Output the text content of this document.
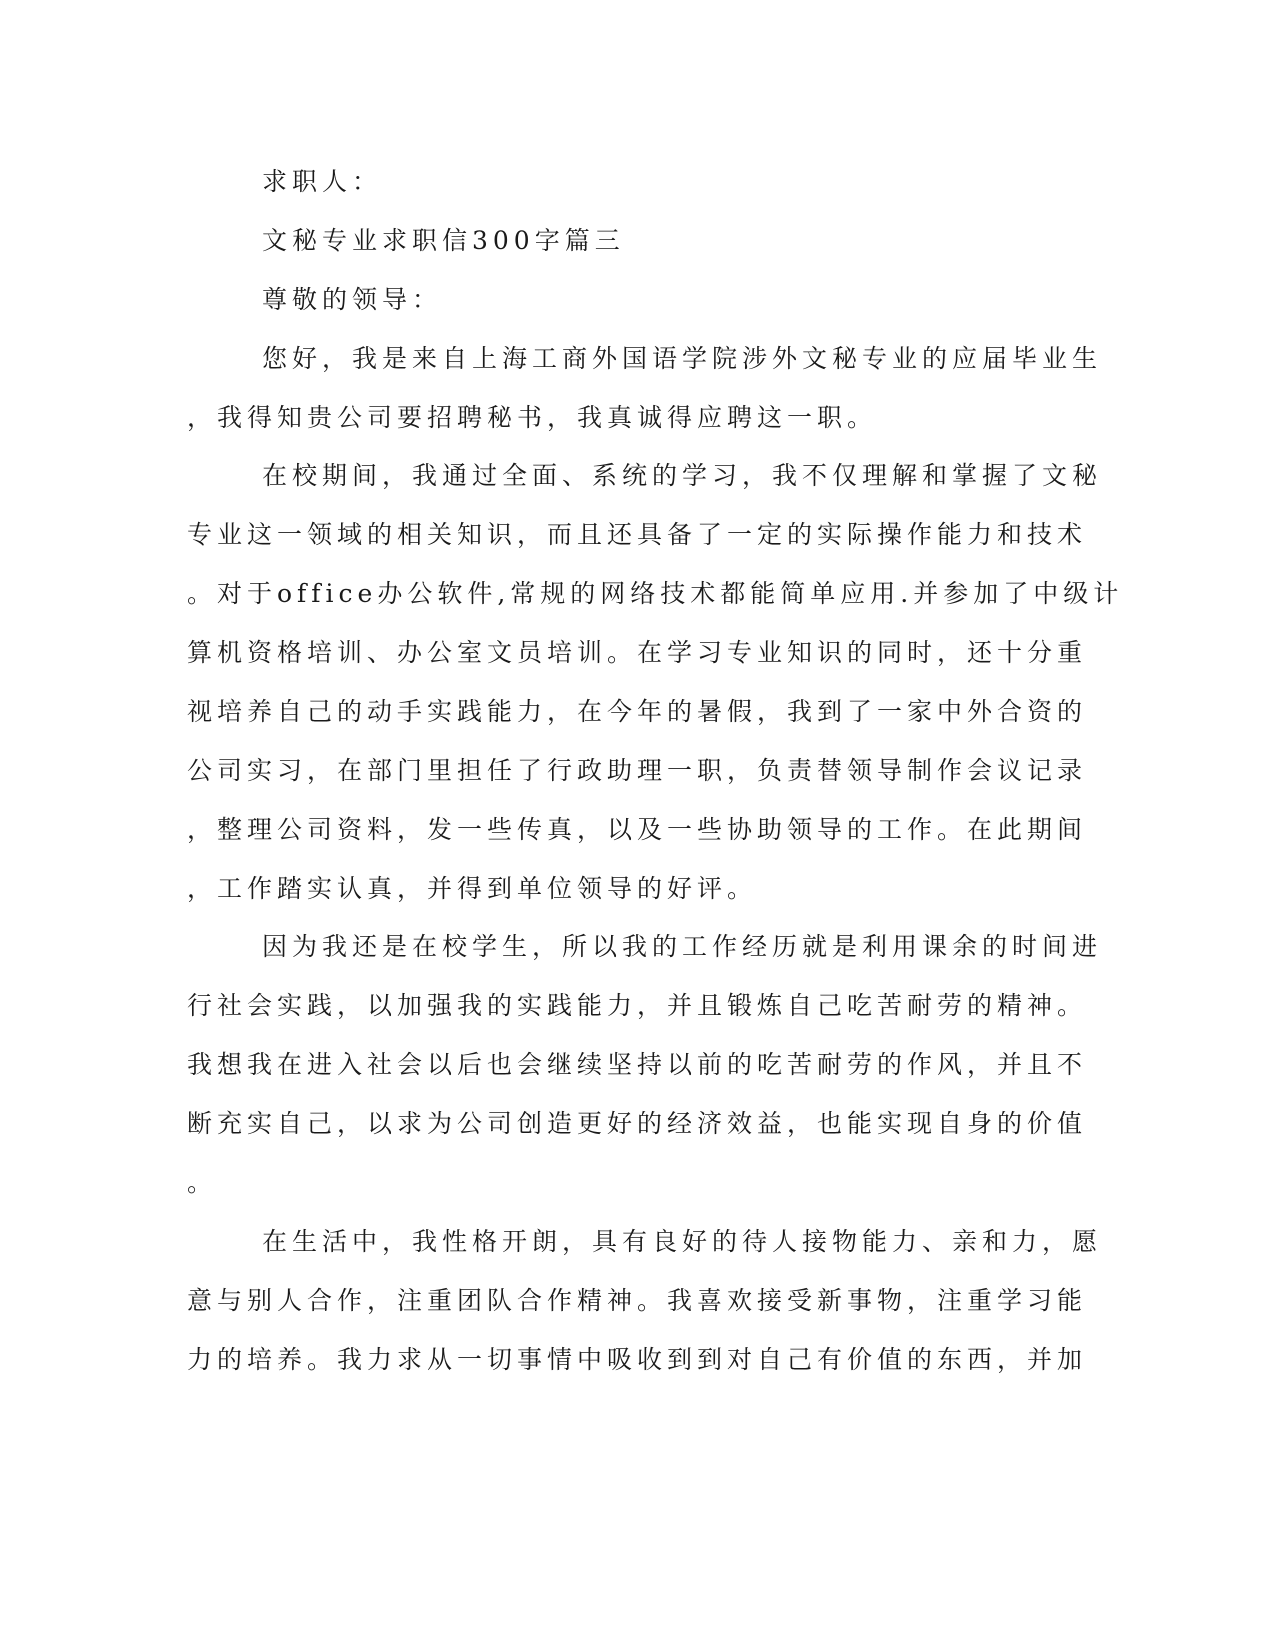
求职人：
文秘专业求职信300字篇三
尊敬的领导：
您好，我是来自上海工商外国语学院涉外文秘专业的应届毕业生
，我得知贵公司要招聘秘书，我真诚得应聘这一职。
在校期间，我通过全面、系统的学习，我不仅理解和掌握了文秘
专业这一领域的相关知识，而且还具备了一定的实际操作能力和技术
。对于office办公软件,常规的网络技术都能简单应用.并参加了中级计
算机资格培训、办公室文员培训。在学习专业知识的同时，还十分重
视培养自己的动手实践能力，在今年的暑假，我到了一家中外合资的
公司实习，在部门里担任了行政助理一职，负责替领导制作会议记录
，整理公司资料，发一些传真，以及一些协助领导的工作。在此期间
，工作踏实认真，并得到单位领导的好评。
因为我还是在校学生，所以我的工作经历就是利用课余的时间进
行社会实践，以加强我的实践能力，并且锻炼自己吃苦耐劳的精神。
我想我在进入社会以后也会继续坚持以前的吃苦耐劳的作风，并且不
断充实自己，以求为公司创造更好的经济效益，也能实现自身的价值
。
在生活中，我性格开朗，具有良好的待人接物能力、亲和力，愿
意与别人合作，注重团队合作精神。我喜欢接受新事物，注重学习能
力的培养。我力求从一切事情中吸收到到对自己有价值的东西，并加
